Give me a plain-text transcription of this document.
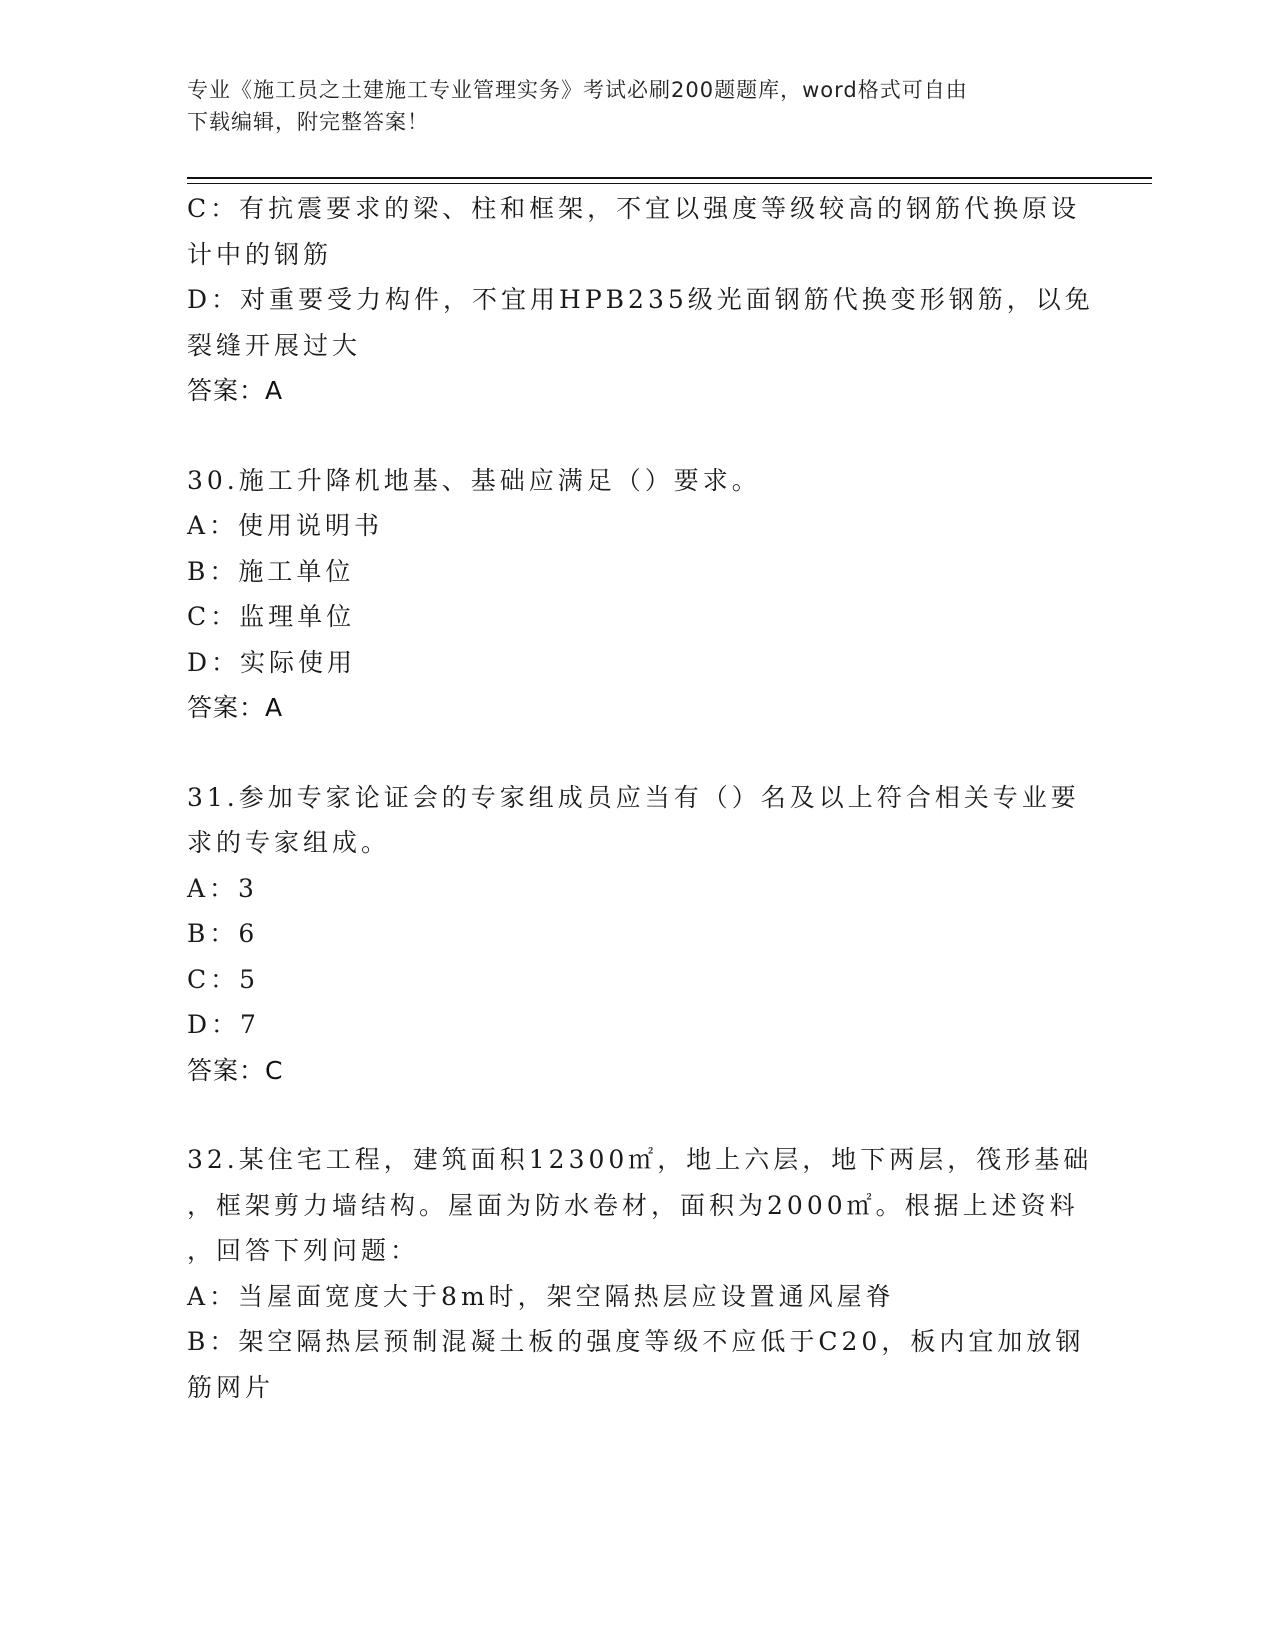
专业《施工员之土建施工专业管理实务》考试必刷200题题库，word格式可自由
下载编辑，附完整答案！

C：有抗震要求的梁、柱和框架，不宜以强度等级较高的钢筋代换原设

计中的钢筋

D：对重要受力构件，不宜用HPB235级光面钢筋代换变形钢筋，以免

裂缝开展过大

答案：A

30.施工升降机地基、基础应满足（）要求。

A：使用说明书

B：施工单位

C：监理单位

D：实际使用

答案：A

31.参加专家论证会的专家组成员应当有（）名及以上符合相关专业要

求的专家组成。

A：3

B：6

C：5

D：7

答案：C

32.某住宅工程，建筑面积12300㎡，地上六层，地下两层，筏形基础

，框架剪力墙结构。屋面为防水卷材，面积为2000㎡。根据上述资料

，回答下列问题：

A：当屋面宽度大于8m时，架空隔热层应设置通风屋脊

B：架空隔热层预制混凝土板的强度等级不应低于C20，板内宜加放钢

筋网片
